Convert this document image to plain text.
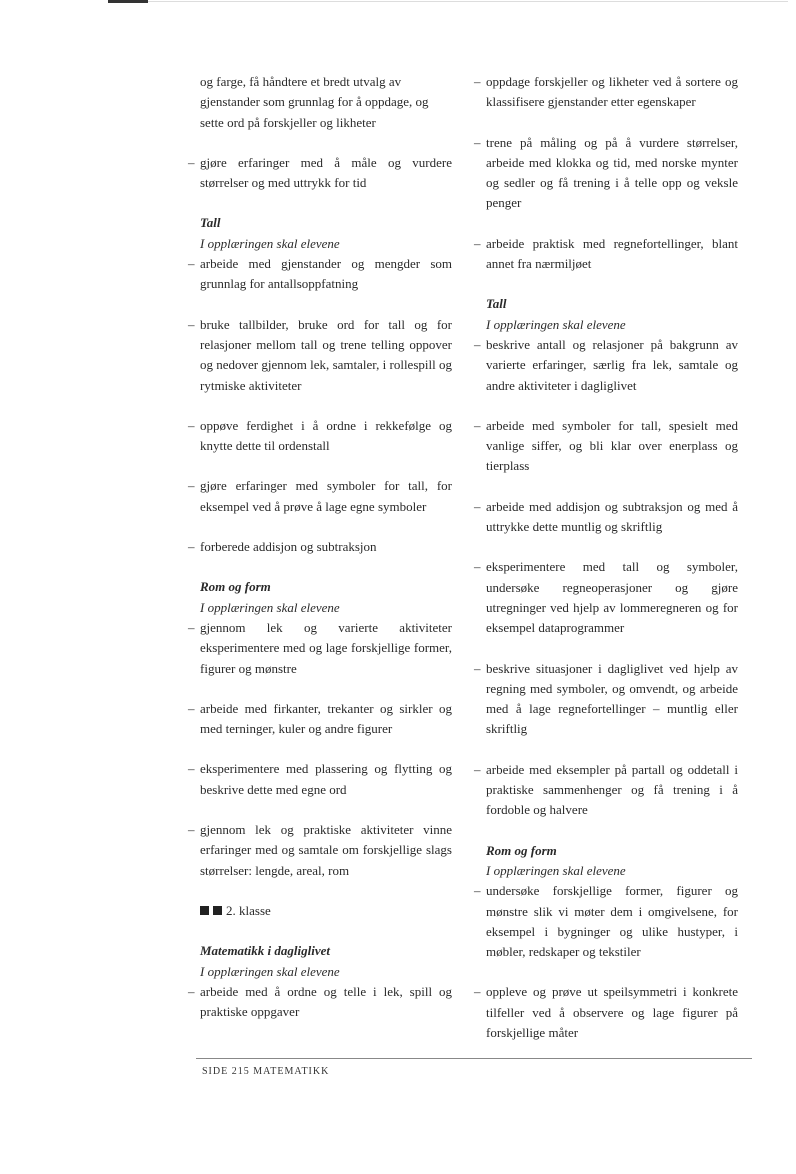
og farge, få håndtere et bredt utvalg av gjenstander som grunnlag for å oppdage, og sette ord på forskjeller og likheter
– gjøre erfaringer med å måle og vurdere størrelser og med uttrykk for tid
Tall
I opplæringen skal elevene
– arbeide med gjenstander og mengder som grunnlag for antallsoppfatning
– bruke tallbilder, bruke ord for tall og for relasjoner mellom tall og trene telling oppover og nedover gjennom lek, samtaler, i rollespill og rytmiske aktiviteter
– oppøve ferdighet i å ordne i rekkefølge og knytte dette til ordenstall
– gjøre erfaringer med symboler for tall, for eksempel ved å prøve å lage egne symboler
– forberede addisjon og subtraksjon
Rom og form
I opplæringen skal elevene
– gjennom lek og varierte aktiviteter eksperimentere med og lage forskjellige former, figurer og mønstre
– arbeide med firkanter, trekanter og sirkler og med terninger, kuler og andre figurer
– eksperimentere med plassering og flytting og beskrive dette med egne ord
– gjennom lek og praktiske aktiviteter vinne erfaringer med og samtale om forskjellige slags størrelser: lengde, areal, rom
2. klasse
Matematikk i dagliglivet
I opplæringen skal elevene
– arbeide med å ordne og telle i lek, spill og praktiske oppgaver
– oppdage forskjeller og likheter ved å sortere og klassifisere gjenstander etter egenskaper
– trene på måling og på å vurdere størrelser, arbeide med klokka og tid, med norske mynter og sedler og få trening i å telle opp og veksle penger
– arbeide praktisk med regnefortellinger, blant annet fra nærmiljøet
Tall
I opplæringen skal elevene
– beskrive antall og relasjoner på bakgrunn av varierte erfaringer, særlig fra lek, samtale og andre aktiviteter i dagliglivet
– arbeide med symboler for tall, spesielt med vanlige siffer, og bli klar over enerplass og tierplass
– arbeide med addisjon og subtraksjon og med å uttrykke dette muntlig og skriftlig
– eksperimentere med tall og symboler, undersøke regneoperasjoner og gjøre utregninger ved hjelp av lommeregneren og for eksempel dataprogrammer
– beskrive situasjoner i dagliglivet ved hjelp av regning med symboler, og omvendt, og arbeide med å lage regnefortellinger – muntlig eller skriftlig
– arbeide med eksempler på partall og oddetall i praktiske sammenhenger og få trening i å fordoble og halvere
Rom og form
I opplæringen skal elevene
– undersøke forskjellige former, figurer og mønstre slik vi møter dem i omgivelsene, for eksempel i bygninger og ulike hustyper, i møbler, redskaper og tekstiler
– oppleve og prøve ut speilsymmetri i konkrete tilfeller ved å observere og lage figurer på forskjellige måter
SIDE 215 MATEMATIKK
